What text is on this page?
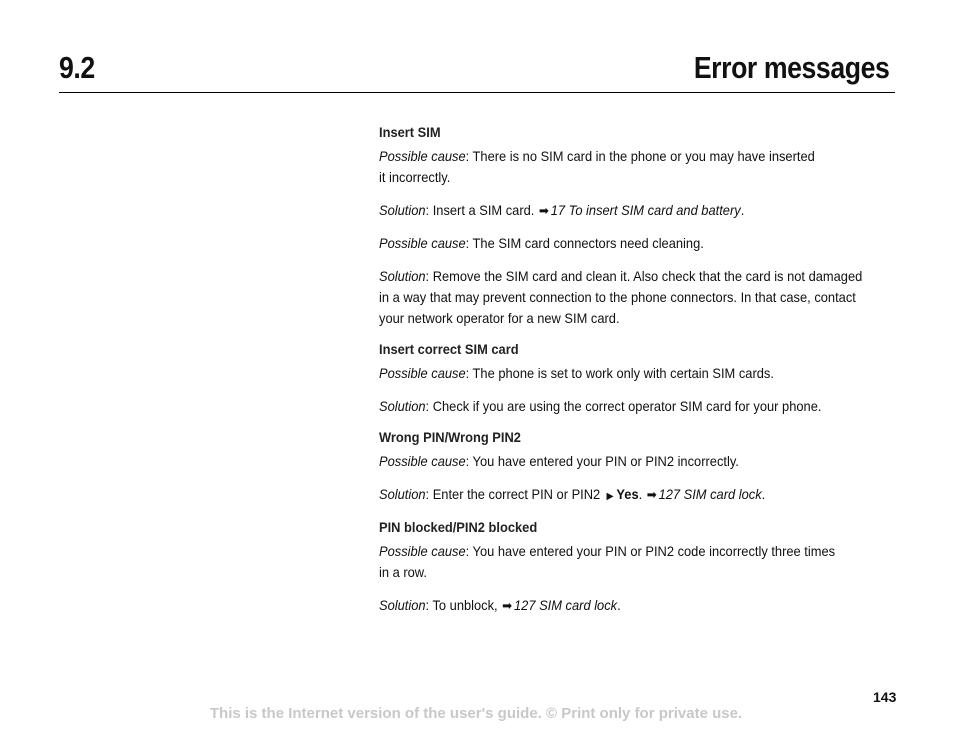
9.2	Error messages
Insert SIM
Possible cause: There is no SIM card in the phone or you may have inserted
it incorrectly.
Solution: Insert a SIM card. ➡ 17 To insert SIM card and battery.
Possible cause: The SIM card connectors need cleaning.
Solution: Remove the SIM card and clean it. Also check that the card is not damaged
in a way that may prevent connection to the phone connectors. In that case, contact
your network operator for a new SIM card.
Insert correct SIM card
Possible cause: The phone is set to work only with certain SIM cards.
Solution: Check if you are using the correct operator SIM card for your phone.
Wrong PIN/Wrong PIN2
Possible cause: You have entered your PIN or PIN2 incorrectly.
Solution: Enter the correct PIN or PIN2 ▶ Yes. ➡ 127 SIM card lock.
PIN blocked/PIN2 blocked
Possible cause: You have entered your PIN or PIN2 code incorrectly three times
in a row.
Solution: To unblock, ➡ 127 SIM card lock.
143
This is the Internet version of the user's guide. © Print only for private use.
